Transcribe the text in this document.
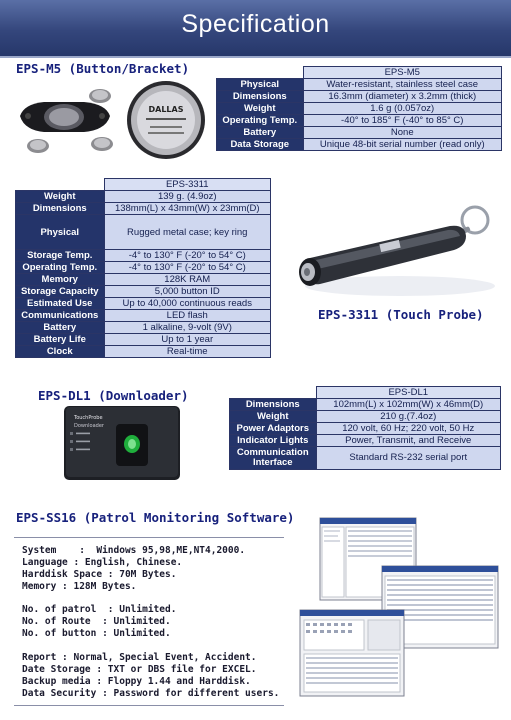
Specification
EPS-M5 (Button/Bracket)
DALLAS
	EPS-M5
Physical	Water-resistant, stainless steel case
Dimensions	16.3mm (diameter) x 3.2mm (thick)
Weight	1.6 g (0.057oz)
Operating Temp.	-40° to 185° F (-40° to 85° C)
Battery	None
Data Storage	Unique 48-bit serial number (read only)
	EPS-3311
Weight	139 g. (4.9oz)
Dimensions	138mm(L) x 43mm(W) x 23mm(D)
Physical	Rugged metal case; key ring
Storage Temp.	-4° to 130° F (-20° to 54° C)
Operating Temp.	-4° to 130° F (-20° to 54° C)
Memory	128K RAM
Storage Capacity	5,000 button ID
Estimated Use	Up to 40,000 continuous reads
Communications	LED flash
Battery	1 alkaline, 9-volt (9V)
Battery Life	Up to 1 year
Clock	Real-time
EPS-3311 (Touch Probe)
EPS-DL1 (Downloader)
TouchProbe
Downloader
	EPS-DL1
Dimensions	102mm(L) x 102mm(W) x 46mm(D)
Weight	210 g.(7.4oz)
Power Adaptors	120 volt, 60 Hz; 220 volt, 50 Hz
Indicator Lights	Power, Transmit, and Receive
Communication Interface	Standard RS-232 serial port
EPS-SS16 (Patrol Monitoring Software)
System    :  Windows 95,98,ME,NT4,2000.
Language : English, Chinese.
Harddisk Space : 70M Bytes.
Memory : 128M Bytes.
No. of patrol  : Unlimited.
No. of Route  : Unlimited.
No. of button : Unlimited.
Report : Normal, Special Event, Accident.
Date Storage : TXT or DBS file for EXCEL.
Backup media : Floppy 1.44 and Harddisk.
Data Security : Password for different users.
